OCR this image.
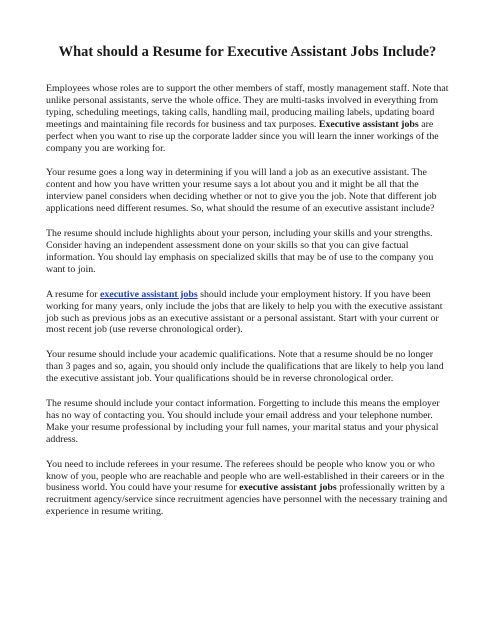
What should a Resume for Executive Assistant Jobs Include?

Employees whose roles are to support the other members of staff, mostly management staff. Note that unlike personal assistants, serve the whole office. They are multi-tasks involved in everything from typing, scheduling meetings, taking calls, handling mail, producing mailing labels, updating board meetings and maintaining file records for business and tax purposes. Executive assistant jobs are perfect when you want to rise up the corporate ladder since you will learn the inner workings of the company you are working for.

Your resume goes a long way in determining if you will land a job as an executive assistant. The content and how you have written your resume says a lot about you and it might be all that the interview panel considers when deciding whether or not to give you the job. Note that different job applications need different resumes. So, what should the resume of an executive assistant include?

The resume should include highlights about your person, including your skills and your strengths. Consider having an independent assessment done on your skills so that you can give factual information. You should lay emphasis on specialized skills that may be of use to the company you want to join.

A resume for executive assistant jobs should include your employment history. If you have been working for many years, only include the jobs that are likely to help you with the executive assistant job such as previous jobs as an executive assistant or a personal assistant. Start with your current or most recent job (use reverse chronological order).

Your resume should include your academic qualifications. Note that a resume should be no longer than 3 pages and so, again, you should only include the qualifications that are likely to help you land the executive assistant job. Your qualifications should be in reverse chronological order.

The resume should include your contact information. Forgetting to include this means the employer has no way of contacting you. You should include your email address and your telephone number. Make your resume professional by including your full names, your marital status and your physical address.

You need to include referees in your resume. The referees should be people who know you or who know of you, people who are reachable and people who are well-established in their careers or in the business world. You could have your resume for executive assistant jobs professionally written by a recruitment agency/service since recruitment agencies have personnel with the necessary training and experience in resume writing.
